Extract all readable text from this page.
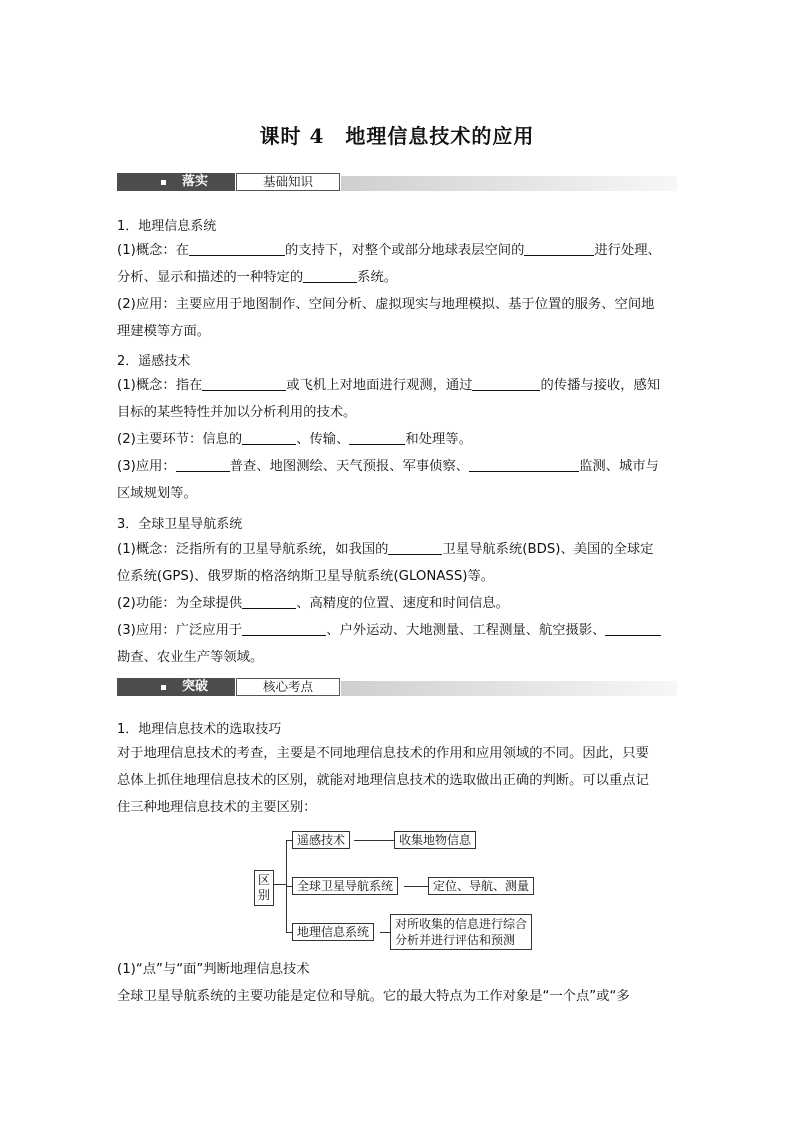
课时 4　地理信息技术的应用
落实	基础知识
1．地理信息系统
(1)概念：在	的支持下，对整个或部分地球表层空间的	进行处理、
分析、显示和描述的一种特定的	系统。
(2)应用：主要应用于地图制作、空间分析、虚拟现实与地理模拟、基于位置的服务、空间地
理建模等方面。
2．遥感技术
(1)概念：指在	或飞机上对地面进行观测，通过	的传播与接收，感知
目标的某些特性并加以分析利用的技术。
(2)主要环节：信息的	、传输、	和处理等。
(3)应用：	普查、地图测绘、天气预报、军事侦察、	监测、城市与
区域规划等。
3．全球卫星导航系统
(1)概念：泛指所有的卫星导航系统，如我国的	卫星导航系统(BDS)、美国的全球定
位系统(GPS)、俄罗斯的格洛纳斯卫星导航系统(GLONASS)等。
(2)功能：为全球提供	、高精度的位置、速度和时间信息。
(3)应用：广泛应用于	、户外运动、大地测量、工程测量、航空摄影、
勘查、农业生产等领域。
突破	核心考点
1．地理信息技术的选取技巧
对于地理信息技术的考查，主要是不同地理信息技术的作用和应用领域的不同。因此，只要
总体上抓住地理信息技术的区别，就能对地理信息技术的选取做出正确的判断。可以重点记
住三种地理信息技术的主要区别：
区别
遥感技术	收集地物信息
全球卫星导航系统	定位、导航、测量
地理信息系统
对所收集的信息进行综合
分析并进行评估和预测
(1)“点”与“面”判断地理信息技术
全球卫星导航系统的主要功能是定位和导航。它的最大特点为工作对象是“一个点”或“多
